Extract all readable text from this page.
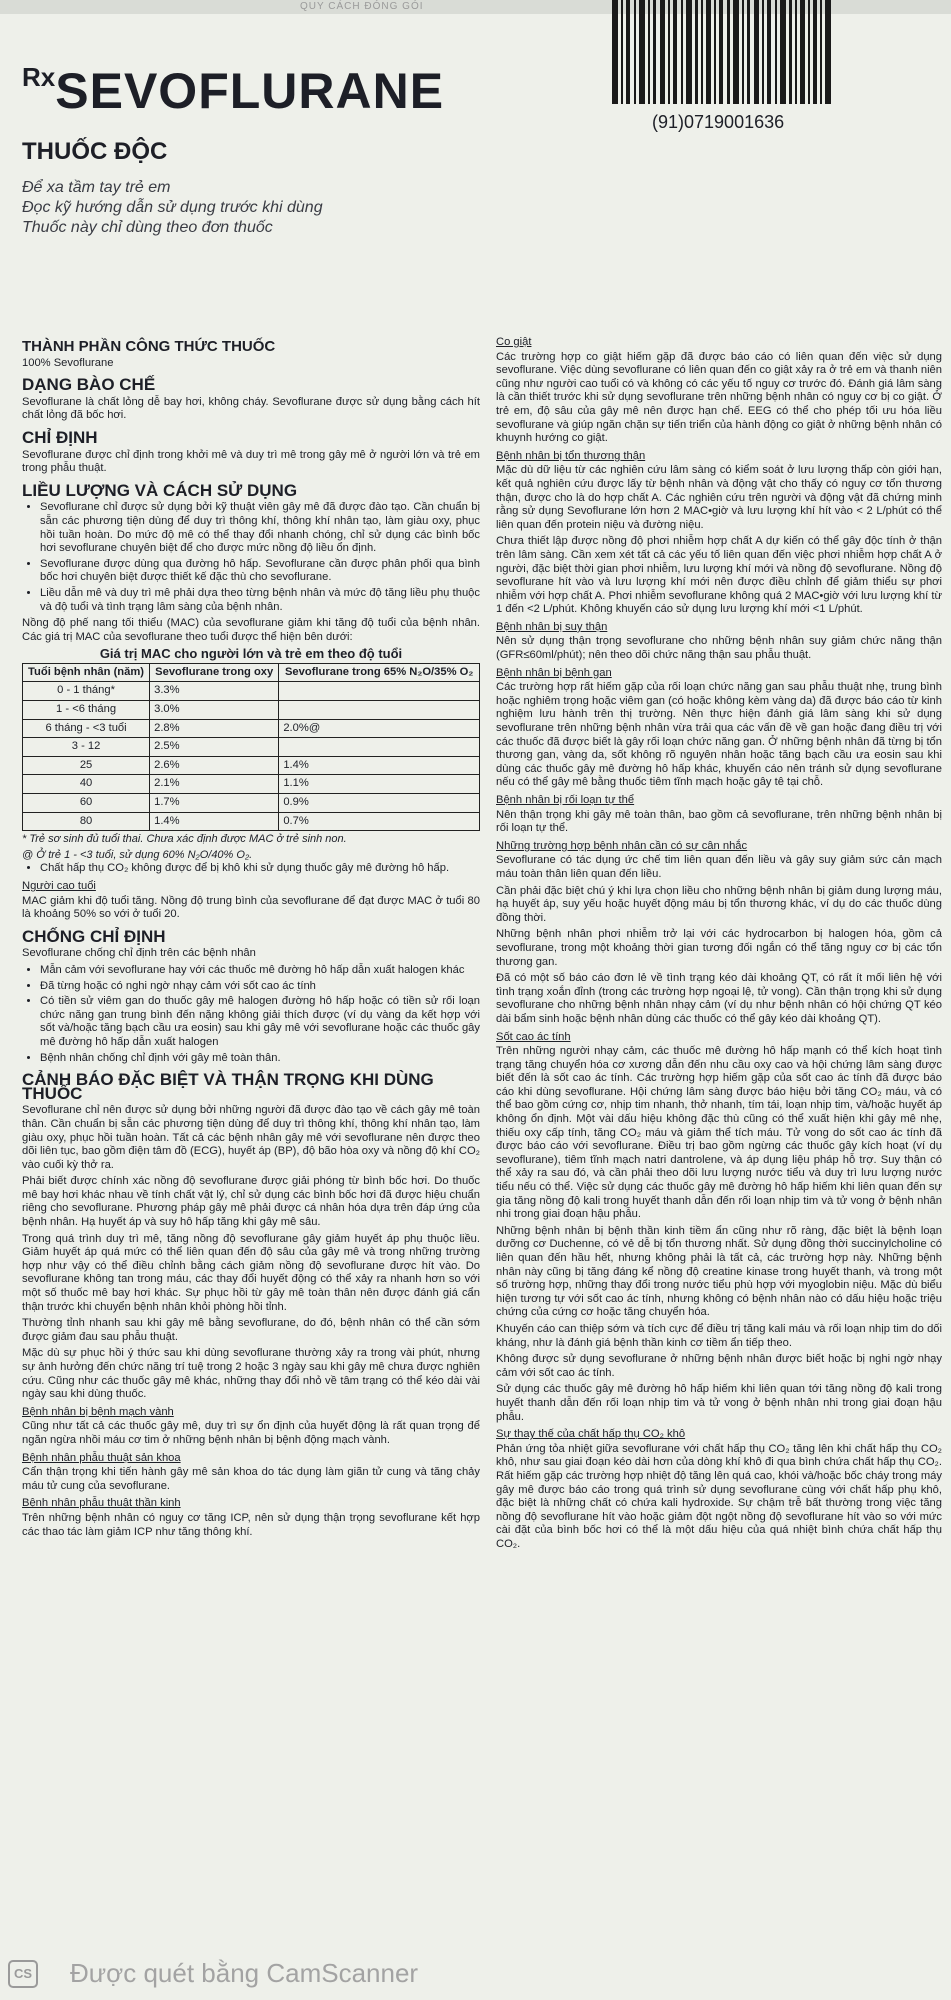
QUY CÁCH ĐÓNG GÓI
RxSEVOFLURANE
THUỐC ĐỘC
Để xa tầm tay trẻ em
Đọc kỹ hướng dẫn sử dụng trước khi dùng
Thuốc này chỉ dùng theo đơn thuốc
(91)0719001636
THÀNH PHẦN CÔNG THỨC THUỐC

100% Sevoflurane

DẠNG BÀO CHẾ

Sevoflurane là chất lỏng dễ bay hơi, không cháy. Sevoflurane được sử dụng bằng cách hít chất lỏng đã bốc hơi.

CHỈ ĐỊNH

Sevoflurane được chỉ định trong khởi mê và duy trì mê trong gây mê ở người lớn và trẻ em trong phẫu thuật.

LIỀU LƯỢNG VÀ CÁCH SỬ DỤNG
• Sevoflurane chỉ được sử dụng bởi kỹ thuật viên gây mê đã được đào tạo. Cần chuẩn bị sẵn các phương tiện dùng để duy trì thông khí, thông khí nhân tạo, làm giàu oxy, phục hồi tuần hoàn. Do mức độ mê có thể thay đổi nhanh chóng, chỉ sử dụng các bình bốc hơi sevoflurane chuyên biệt để cho được mức nồng độ liều ổn định.
• Sevoflurane được dùng qua đường hô hấp. Sevoflurane cần được phân phối qua bình bốc hơi chuyên biệt được thiết kế đặc thù cho sevoflurane.
• Liều dẫn mê và duy trì mê phải dựa theo từng bệnh nhân và mức độ tăng liều phụ thuộc và độ tuổi và tình trạng lâm sàng của bệnh nhân.

Nồng độ phế nang tối thiểu (MAC) của sevoflurane giảm khi tăng độ tuổi của bệnh nhân. Các giá trị MAC của sevoflurane theo tuổi được thể hiện bên dưới:

Giá trị MAC cho người lớn và trẻ em theo độ tuổi
Tuổi bệnh nhân (năm)	Sevoflurane trong oxy	Sevoflurane trong 65% N₂O/35% O₂
0 - 1 tháng*	3.3%	
1 - <6 tháng	3.0%	
6 tháng - <3 tuổi	2.8%	2.0%@
3 - 12	2.5%	
25	2.6%	1.4%
40	2.1%	1.1%
60	1.7%	0.9%
80	1.4%	0.7%
* Trẻ sơ sinh đủ tuổi thai. Chưa xác định được MAC ở trẻ sinh non.
@ Ở trẻ 1 - <3 tuổi, sử dụng 60% N₂O/40% O₂.
• Chất hấp thụ CO₂ không được để bị khô khi sử dụng thuốc gây mê đường hô hấp.
Người cao tuổi

MAC giảm khi độ tuổi tăng. Nồng độ trung bình của sevoflurane để đạt được MAC ở tuổi 80 là khoảng 50% so với ở tuổi 20.

CHỐNG CHỈ ĐỊNH

Sevoflurane chống chỉ định trên các bệnh nhân

• Mẫn cảm với sevoflurane hay với các thuốc mê đường hô hấp dẫn xuất halogen khác
• Đã từng hoặc có nghi ngờ nhạy cảm với sốt cao ác tính
• Có tiền sử viêm gan do thuốc gây mê halogen đường hô hấp hoặc có tiền sử rối loạn chức năng gan trung bình đến nặng không giải thích được (ví dụ vàng da kết hợp với sốt và/hoặc tăng bạch cầu ưa eosin) sau khi gây mê với sevoflurane hoặc các thuốc gây mê đường hô hấp dẫn xuất halogen
• Bệnh nhân chống chỉ định với gây mê toàn thân.
CẢNH BÁO ĐẶC BIỆT VÀ THẬN TRỌNG KHI DÙNG THUỐC

Sevoflurane chỉ nên được sử dụng bởi những người đã được đào tạo về cách gây mê toàn thân. Cần chuẩn bị sẵn các phương tiện dùng để duy trì thông khí, thông khí nhân tạo, làm giàu oxy, phục hồi tuần hoàn. Tất cả các bệnh nhân gây mê với sevoflurane nên được theo dõi liên tục, bao gồm điện tâm đồ (ECG), huyết áp (BP), độ bão hòa oxy và nồng độ khí CO₂ vào cuối kỳ thở ra.

Phải biết được chính xác nồng độ sevoflurane được giải phóng từ bình bốc hơi. Do thuốc mê bay hơi khác nhau về tính chất vật lý, chỉ sử dụng các bình bốc hơi đã được hiệu chuẩn riêng cho sevoflurane. Phương pháp gây mê phải được cá nhân hóa dựa trên đáp ứng của bệnh nhân. Hạ huyết áp và suy hô hấp tăng khi gây mê sâu.

Trong quá trình duy trì mê, tăng nồng độ sevoflurane gây giảm huyết áp phụ thuộc liều. Giảm huyết áp quá mức có thể liên quan đến độ sâu của gây mê và trong những trường hợp như vậy có thể điều chỉnh bằng cách giảm nồng độ sevoflurane được hít vào. Do sevoflurane không tan trong máu, các thay đổi huyết động có thể xảy ra nhanh hơn so với một số thuốc mê bay hơi khác. Sự phục hồi từ gây mê toàn thân nên được đánh giá cẩn thận trước khi chuyển bệnh nhân khỏi phòng hồi tỉnh.

Thường tỉnh nhanh sau khi gây mê bằng sevoflurane, do đó, bệnh nhân có thể cần sớm được giảm đau sau phẫu thuật.

Mặc dù sự phục hồi ý thức sau khi dùng sevoflurane thường xảy ra trong vài phút, nhưng sự ảnh hưởng đến chức năng trí tuệ trong 2 hoặc 3 ngày sau khi gây mê chưa được nghiên cứu. Cũng như các thuốc gây mê khác, những thay đổi nhỏ về tâm trạng có thể kéo dài vài ngày sau khi dùng thuốc.

Bệnh nhân bị bệnh mạch vành

Cũng như tất cả các thuốc gây mê, duy trì sự ổn định của huyết động là rất quan trọng để ngăn ngừa nhồi máu cơ tim ở những bệnh nhân bị bệnh động mạch vành.

Bệnh nhân phẫu thuật sản khoa

Cẩn thận trọng khi tiến hành gây mê sản khoa do tác dụng làm giãn tử cung và tăng chảy máu tử cung của sevoflurane.

Bệnh nhân phẫu thuật thần kinh

Trên những bệnh nhân có nguy cơ tăng ICP, nên sử dụng thận trọng sevoflurane kết hợp các thao tác làm giảm ICP như tăng thông khí.

Co giật

Các trường hợp co giật hiếm gặp đã được báo cáo có liên quan đến việc sử dụng sevoflurane. Việc dùng sevoflurane có liên quan đến co giật xảy ra ở trẻ em và thanh niên cũng như người cao tuổi có và không có các yếu tố nguy cơ trước đó. Đánh giá lâm sàng là cần thiết trước khi sử dụng sevoflurane trên những bệnh nhân có nguy cơ bị co giật. Ở trẻ em, độ sâu của gây mê nên được hạn chế. EEG có thể cho phép tối ưu hóa liều sevoflurane và giúp ngăn chặn sự tiến triển của hành động co giật ở những bệnh nhân có khuynh hướng co giật.

Bệnh nhân bị tổn thương thận

Mặc dù dữ liệu từ các nghiên cứu lâm sàng có kiểm soát ở lưu lượng thấp còn giới hạn, kết quả nghiên cứu được lấy từ bệnh nhân và động vật cho thấy có nguy cơ tổn thương thận, được cho là do hợp chất A. Các nghiên cứu trên người và động vật đã chứng minh rằng sử dụng Sevoflurane lớn hơn 2 MAC•giờ và lưu lượng khí hít vào < 2 L/phút có thể liên quan đến protein niệu và đường niệu.

Chưa thiết lập được nồng độ phơi nhiễm hợp chất A dự kiến có thể gây độc tính ở thận trên lâm sàng. Cần xem xét tất cả các yếu tố liên quan đến việc phơi nhiễm hợp chất A ở người, đặc biệt thời gian phơi nhiễm, lưu lượng khí mới và nồng độ sevoflurane. Nồng độ sevoflurane hít vào và lưu lượng khí mới nên được điều chỉnh để giảm thiểu sự phơi nhiễm với hợp chất A. Phơi nhiễm sevoflurane không quá 2 MAC•giờ với lưu lượng khí từ 1 đến <2 L/phút. Không khuyến cáo sử dụng lưu lượng khí mới <1 L/phút.

Bệnh nhân bị suy thận

Nên sử dụng thận trọng sevoflurane cho những bệnh nhân suy giảm chức năng thận (GFR≤60ml/phút); nên theo dõi chức năng thận sau phẫu thuật.

Bệnh nhân bị bệnh gan

Các trường hợp rất hiếm gặp của rối loạn chức năng gan sau phẫu thuật nhẹ, trung bình hoặc nghiêm trọng hoặc viêm gan (có hoặc không kèm vàng da) đã được báo cáo từ kinh nghiệm lưu hành trên thị trường. Nên thực hiện đánh giá lâm sàng khi sử dụng sevoflurane trên những bệnh nhân vừa trải qua các vấn đề về gan hoặc đang điều trị với các thuốc đã được biết là gây rối loạn chức năng gan. Ở những bệnh nhân đã từng bị tổn thương gan, vàng da, sốt không rõ nguyên nhân hoặc tăng bạch cầu ưa eosin sau khi dùng các thuốc gây mê đường hô hấp khác, khuyến cáo nên tránh sử dụng sevoflurane nếu có thể gây mê bằng thuốc tiêm tĩnh mạch hoặc gây tê tại chỗ.

Bệnh nhân bị rối loạn tự thể

Nên thận trọng khi gây mê toàn thân, bao gồm cả sevoflurane, trên những bệnh nhân bị rối loạn tự thể.

Những trường hợp bệnh nhân cần có sự cân nhắc

Sevoflurane có tác dụng ức chế tim liên quan đến liều và gây suy giảm sức cản mạch máu toàn thân liên quan đến liều.

Cần phải đặc biệt chú ý khi lựa chọn liều cho những bệnh nhân bị giảm dung lượng máu, hạ huyết áp, suy yếu hoặc huyết động máu bị tổn thương khác, ví dụ do các thuốc dùng đồng thời.

Những bệnh nhân phơi nhiễm trở lại với các hydrocarbon bị halogen hóa, gồm cả sevoflurane, trong một khoảng thời gian tương đối ngắn có thể tăng nguy cơ bị các tổn thương gan.

Đã có một số báo cáo đơn lẻ về tình trạng kéo dài khoảng QT, có rất ít mối liên hệ với tình trạng xoắn đỉnh (trong các trường hợp ngoại lệ, tử vong). Cần thận trọng khi sử dụng sevoflurane cho những bệnh nhân nhạy cảm (ví dụ như bệnh nhân có hội chứng QT kéo dài bẩm sinh hoặc bệnh nhân dùng các thuốc có thể gây kéo dài khoảng QT).

Sốt cao ác tính

Trên những người nhạy cảm, các thuốc mê đường hô hấp mạnh có thể kích hoạt tình trạng tăng chuyển hóa cơ xương dẫn đến nhu cầu oxy cao và hội chứng lâm sàng được biết đến là sốt cao ác tính. Các trường hợp hiếm gặp của sốt cao ác tính đã được báo cáo khi dùng sevoflurane. Hội chứng lâm sàng được báo hiệu bởi tăng CO₂ máu, và có thể bao gồm cứng cơ, nhịp tim nhanh, thở nhanh, tím tái, loạn nhịp tim, và/hoặc huyết áp không ổn định. Một vài dấu hiệu không đặc thù cũng có thể xuất hiện khi gây mê nhẹ, thiếu oxy cấp tính, tăng CO₂ máu và giảm thể tích máu. Tử vong do sốt cao ác tính đã được báo cáo với sevoflurane. Điều trị bao gồm ngừng các thuốc gây kích hoạt (ví dụ sevoflurane), tiêm tĩnh mạch natri dantrolene, và áp dụng liệu pháp hỗ trợ. Suy thận có thể xảy ra sau đó, và cần phải theo dõi lưu lượng nước tiểu và duy trì lưu lượng nước tiểu nếu có thể. Việc sử dụng các thuốc gây mê đường hô hấp hiếm khi liên quan đến sự gia tăng nồng độ kali trong huyết thanh dẫn đến rối loạn nhịp tim và tử vong ở bệnh nhân nhi trong giai đoạn hậu phẫu.

Những bệnh nhân bị bệnh thần kinh tiềm ẩn cũng như rõ ràng, đặc biệt là bệnh loạn dưỡng cơ Duchenne, có vẻ dễ bị tổn thương nhất. Sử dụng đồng thời succinylcholine có liên quan đến hầu hết, nhưng không phải là tất cả, các trường hợp này. Những bệnh nhân này cũng bị tăng đáng kể nồng độ creatine kinase trong huyết thanh, và trong một số trường hợp, những thay đổi trong nước tiểu phù hợp với myoglobin niệu. Mặc dù biểu hiện tương tự với sốt cao ác tính, nhưng không có bệnh nhân nào có dấu hiệu hoặc triệu chứng của cứng cơ hoặc tăng chuyển hóa.

Khuyến cáo can thiệp sớm và tích cực để điều trị tăng kali máu và rối loạn nhịp tim do dối kháng, như là đánh giá bệnh thần kinh cơ tiềm ẩn tiếp theo.

Không được sử dụng sevoflurane ở những bệnh nhân được biết hoặc bị nghi ngờ nhạy cảm với sốt cao ác tính.

Sử dụng các thuốc gây mê đường hô hấp hiếm khi liên quan tới tăng nồng độ kali trong huyết thanh dẫn đến rối loạn nhịp tim và tử vong ở bệnh nhân nhi trong giai đoạn hậu phẫu.

Sự thay thế của chất hấp thụ CO₂ khô

Phản ứng tỏa nhiệt giữa sevoflurane với chất hấp thụ CO₂ tăng lên khi chất hấp thụ CO₂ khô, như sau giai đoạn kéo dài hơn của dòng khí khô đi qua bình chứa chất hấp thụ CO₂. Rất hiếm gặp các trường hợp nhiệt độ tăng lên quá cao, khói và/hoặc bốc cháy trong máy gây mê được báo cáo trong quá trình sử dụng sevoflurane cùng với chất hấp phụ khô, đặc biệt là những chất có chứa kali hydroxide. Sự chậm trễ bất thường trong việc tăng nồng độ sevoflurane hít vào hoặc giảm đột ngột nồng độ sevoflurane hít vào so với mức cài đặt của bình bốc hơi có thể là một dấu hiệu của quá nhiệt bình chứa chất hấp thụ CO₂.

CS Được quét bằng CamScanner
